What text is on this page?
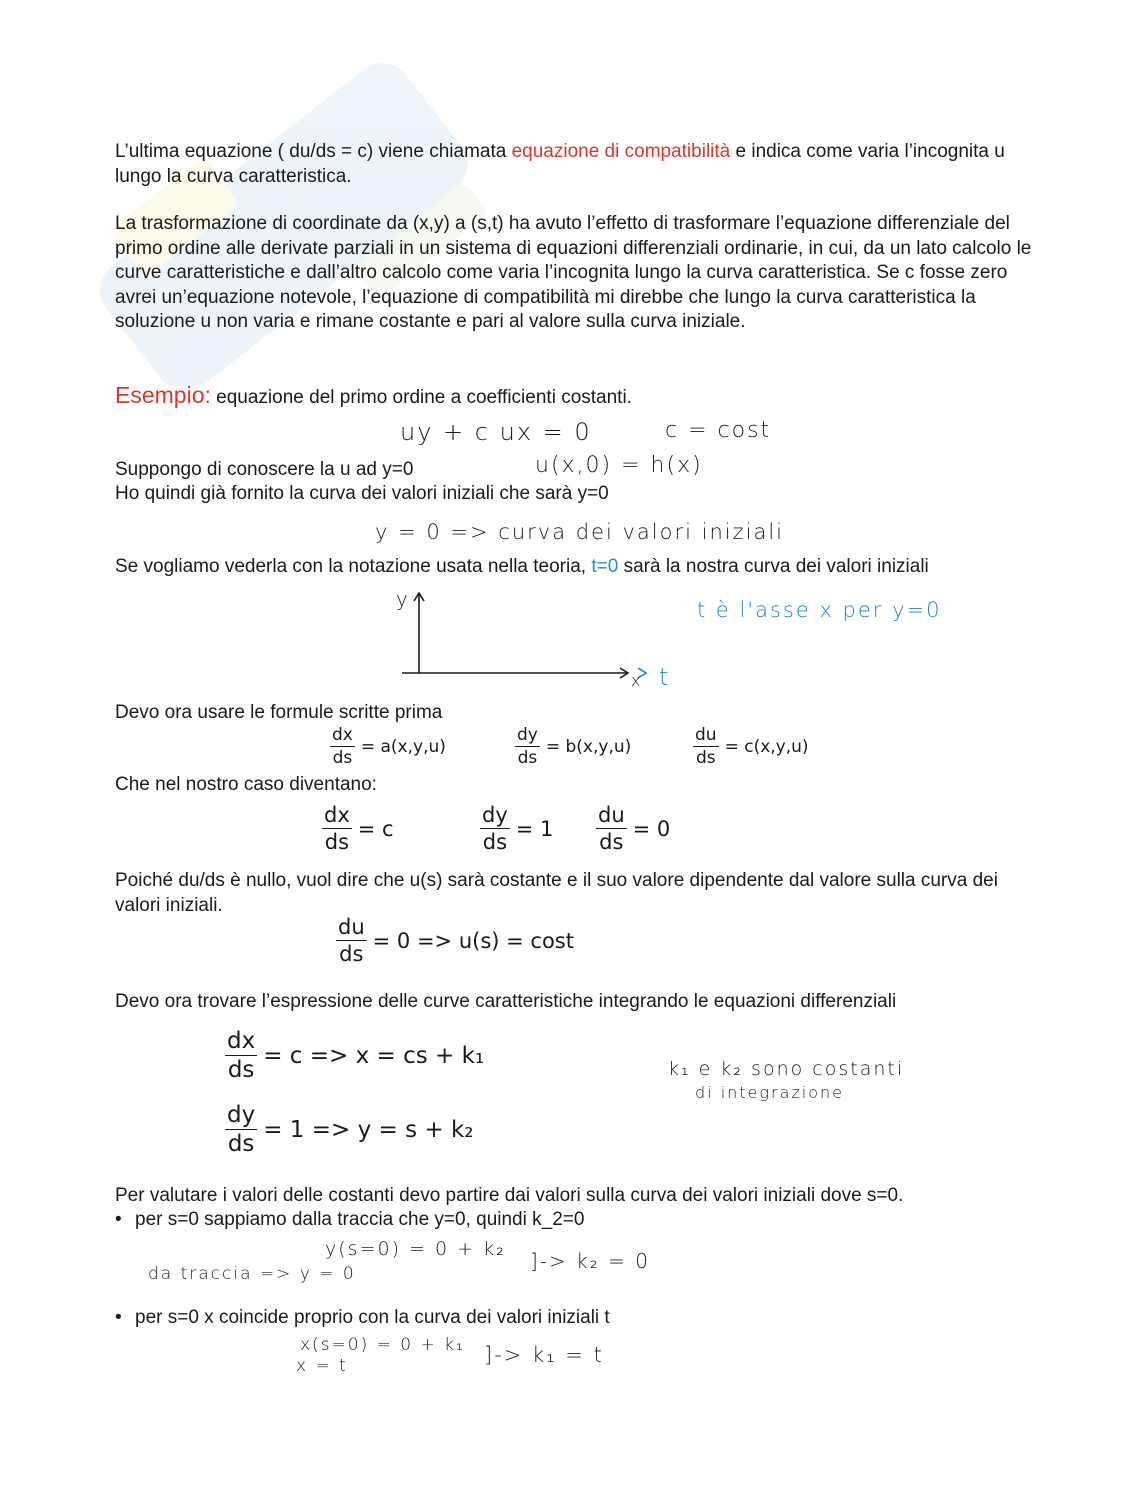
L’ultima equazione ( du/ds = c) viene chiamata equazione di compatibilità e indica come varia l’incognita u lungo la curva caratteristica.

La trasformazione di coordinate da (x,y) a (s,t) ha avuto l’effetto di trasformare l’equazione differenziale del primo ordine alle derivate parziali in un sistema di equazioni differenziali ordinarie, in cui, da un lato calcolo le curve caratteristiche e dall’altro calcolo come varia l’incognita lungo la curva caratteristica. Se c fosse zero avrei un’equazione notevole, l’equazione di compatibilità mi direbbe che lungo la curva caratteristica la soluzione u non varia e rimane costante e pari al valore sulla curva iniziale.

Esempio: equazione del primo ordine a coefficienti costanti.

uy + c ux = 0	c = cost

Suppongo di conoscere la u ad y=0	u(x,0) = h(x)

Ho quindi già fornito la curva dei valori iniziali che sarà y=0

y = 0 => curva dei valori iniziali

Se vogliamo vederla con la notazione usata nella teoria, t=0 sarà la nostra curva dei valori iniziali

y
x t
t è l'asse x per y=0

Devo ora usare le formule scritte prima

$\frac{dx}{ds} = a(x,y,u)$	$\frac{dy}{ds} = b(x,y,u)$	$\frac{du}{ds} = c(x,y,u)$

Che nel nostro caso diventano:

$\frac{dx}{ds} = c$	$\frac{dy}{ds} = 1 \frac{du}{ds} = 0$

Poiché du/ds è nullo, vuol dire che u(s) sarà costante e il suo valore dipendente dal valore sulla curva dei valori iniziali.

$\frac{du}{ds} = 0 => u(s) = \cos t$

Devo ora trovare l’espressione delle curve caratteristiche integrando le equazioni differenziali

$\frac{dx}{ds} = c => x$ = cs + k₁
$\frac{dy}{ds} = 1 => y = s + k_2$
k₁ e k₂ sono costanti
di integrazione

Per valutare i valori delle costanti devo partire dai valori sulla curva dei valori iniziali dove s=0.

• per s=0 sappiamo dalla traccia che y=0, quindi k_2=0
y(s=0) = 0 + k₂ ]-> k₂ = 0
da traccia => y = 0
• per s=0 x coincide proprio con la curva dei valori iniziali t
x(s=0) = 0 + k₁
x = t	]-> k₁ = t
